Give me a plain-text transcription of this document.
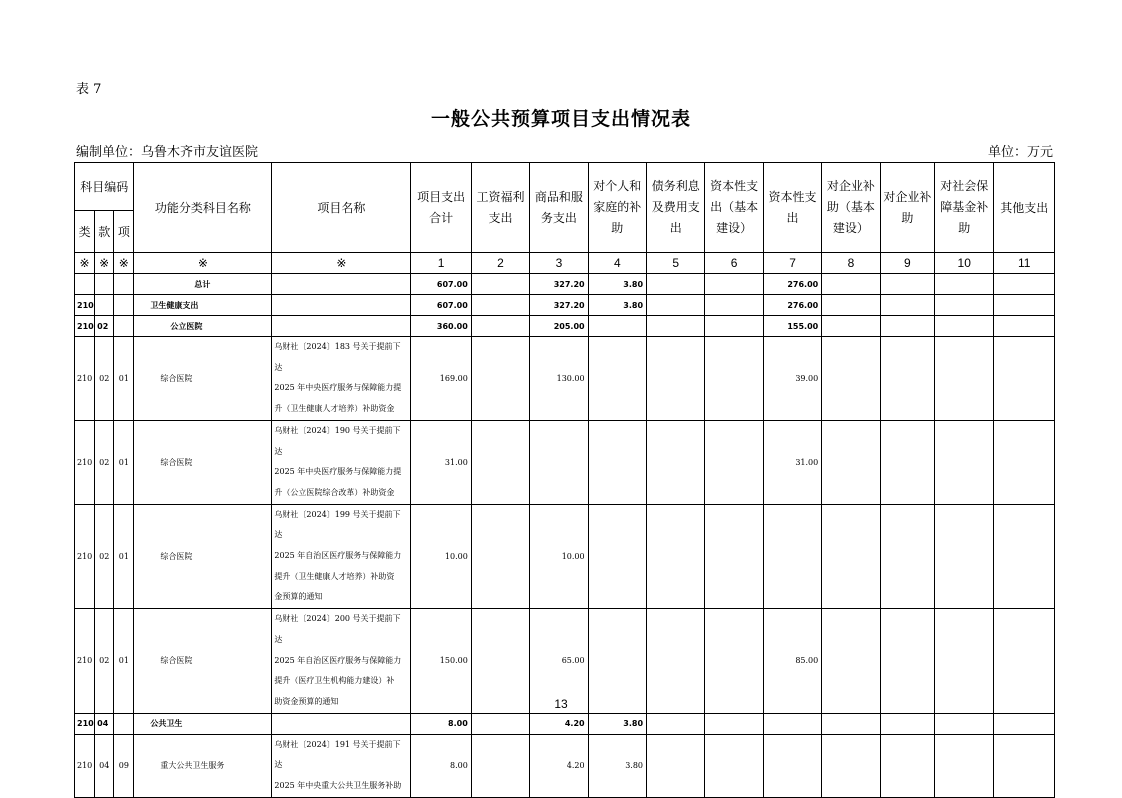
表 7
一般公共预算项目支出情况表
编制单位：乌鲁木齐市友谊医院	单位：万元
科目编码			功能分类科目名称	项目名称	项目支出合计	工资福利支出	商品和服务支出	对个人和家庭的补助	债务利息及费用支出	资本性支出（基本建设）	资本性支出	对企业补助（基本建设）	对企业补助	对社会保障基金补助	其他支出
类	款	项													
※	※	※	※	※	1	2	3	4	5	6	7	8	9	10	11
			总计		607.00		327.20	3.80			276.00				
210			卫生健康支出		607.00		327.20	3.80			276.00				
210	02		公立医院		360.00		205.00				155.00				
210	02	01	综合医院	乌财社〔2024〕183 号关于提前下达
2025 年中央医疗服务与保障能力提
升（卫生健康人才培养）补助资金	169.00		130.00				39.00				
210	02	01	综合医院	乌财社〔2024〕190 号关于提前下达
2025 年中央医疗服务与保障能力提
升（公立医院综合改革）补助资金	31.00						31.00				
210	02	01	综合医院	乌财社〔2024〕199 号关于提前下达
2025 年自治区医疗服务与保障能力
提升（卫生健康人才培养）补助资
金预算的通知	10.00		10.00								
210	02	01	综合医院	乌财社〔2024〕200 号关于提前下达
2025 年自治区医疗服务与保障能力
提升（医疗卫生机构能力建设）补
助资金预算的通知	150.00		65.00				85.00				
210	04		公共卫生		8.00		4.20	3.80							
210	04	09	重大公共卫生服务	乌财社〔2024〕191 号关于提前下达
2025 年中央重大公共卫生服务补助	8.00		4.20	3.80							
13
